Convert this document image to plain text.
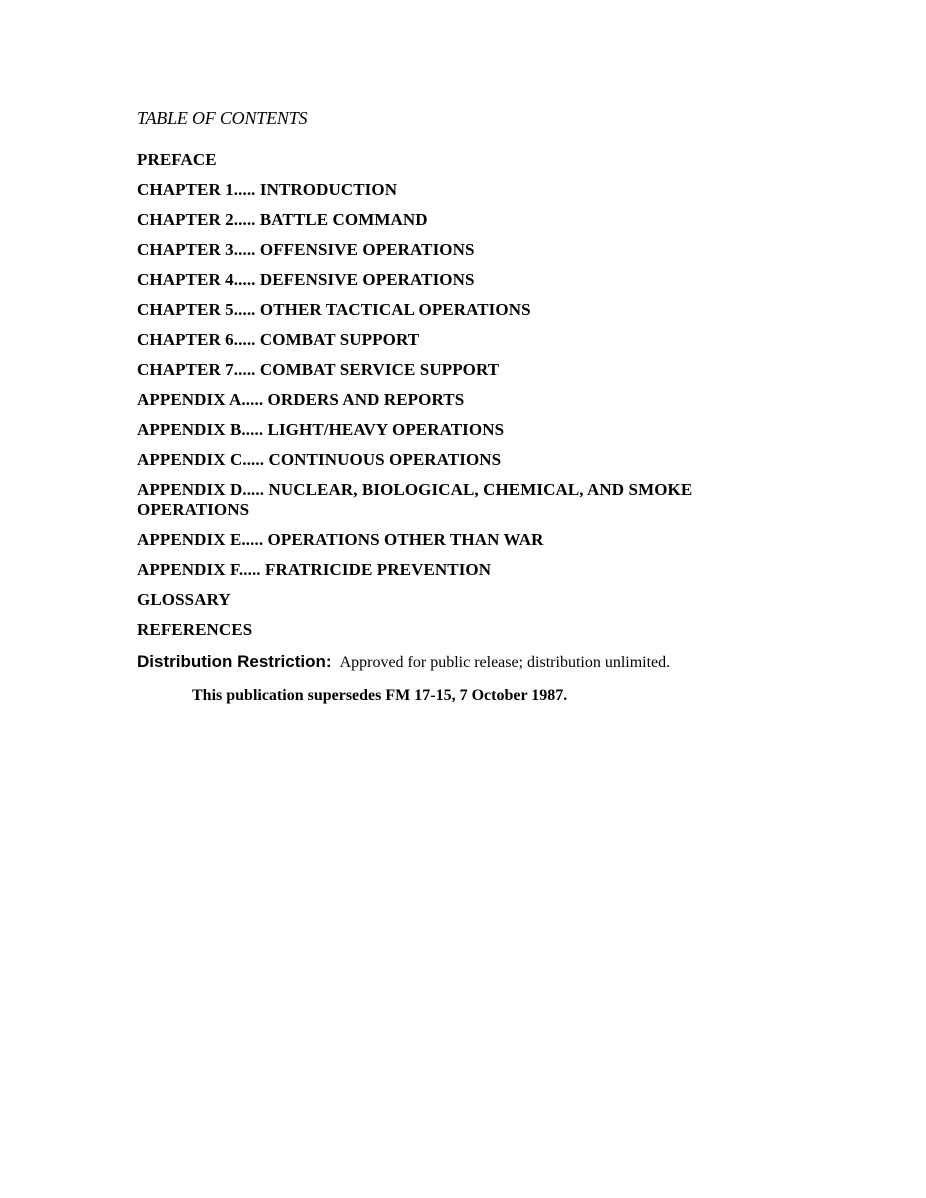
TABLE OF CONTENTS
PREFACE
CHAPTER 1..... INTRODUCTION
CHAPTER 2..... BATTLE COMMAND
CHAPTER 3..... OFFENSIVE OPERATIONS
CHAPTER 4..... DEFENSIVE OPERATIONS
CHAPTER 5..... OTHER TACTICAL OPERATIONS
CHAPTER 6..... COMBAT SUPPORT
CHAPTER 7..... COMBAT SERVICE SUPPORT
APPENDIX A..... ORDERS AND REPORTS
APPENDIX B..... LIGHT/HEAVY OPERATIONS
APPENDIX C..... CONTINUOUS OPERATIONS
APPENDIX D..... NUCLEAR, BIOLOGICAL, CHEMICAL, AND SMOKE
OPERATIONS
APPENDIX E..... OPERATIONS OTHER THAN WAR
APPENDIX F..... FRATRICIDE PREVENTION
GLOSSARY
REFERENCES
Distribution Restriction: Approved for public release; distribution unlimited.
This publication supersedes FM 17-15, 7 October 1987.
